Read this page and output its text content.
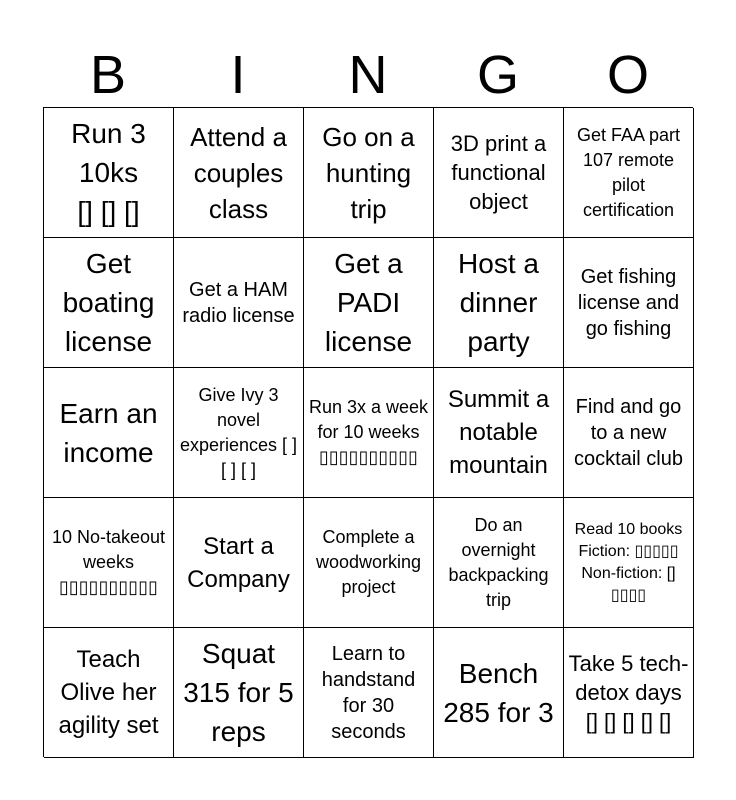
B	I	N	G	O
Run 3
10ks
[] [] []
Attend a couples class
Go on a hunting trip
3D print a functional object
Get FAA part 107 remote pilot certification
Get boating license
Get a HAM radio license
Get a PADI license
Host a dinner party
Get fishing license and go fishing
Earn an income
Give Ivy 3 novel experiences [ ] [ ] [ ]
Run 3x a week for 10 weeks ▯▯▯▯▯▯▯▯▯▯
Summit a notable mountain
Find and go to a new cocktail club
10 No-takeout weeks ▯▯▯▯▯▯▯▯▯▯
Start a Company
Complete a woodworking project
Do an overnight backpacking trip
Read 10 books
Fiction: ▯▯▯▯▯
Non-fiction: [] ▯▯▯▯
Teach Olive her agility set
Squat 315 for 5 reps
Learn to handstand for 30 seconds
Bench 285 for 3
Take 5 tech-detox days
[] [] [] [] []
